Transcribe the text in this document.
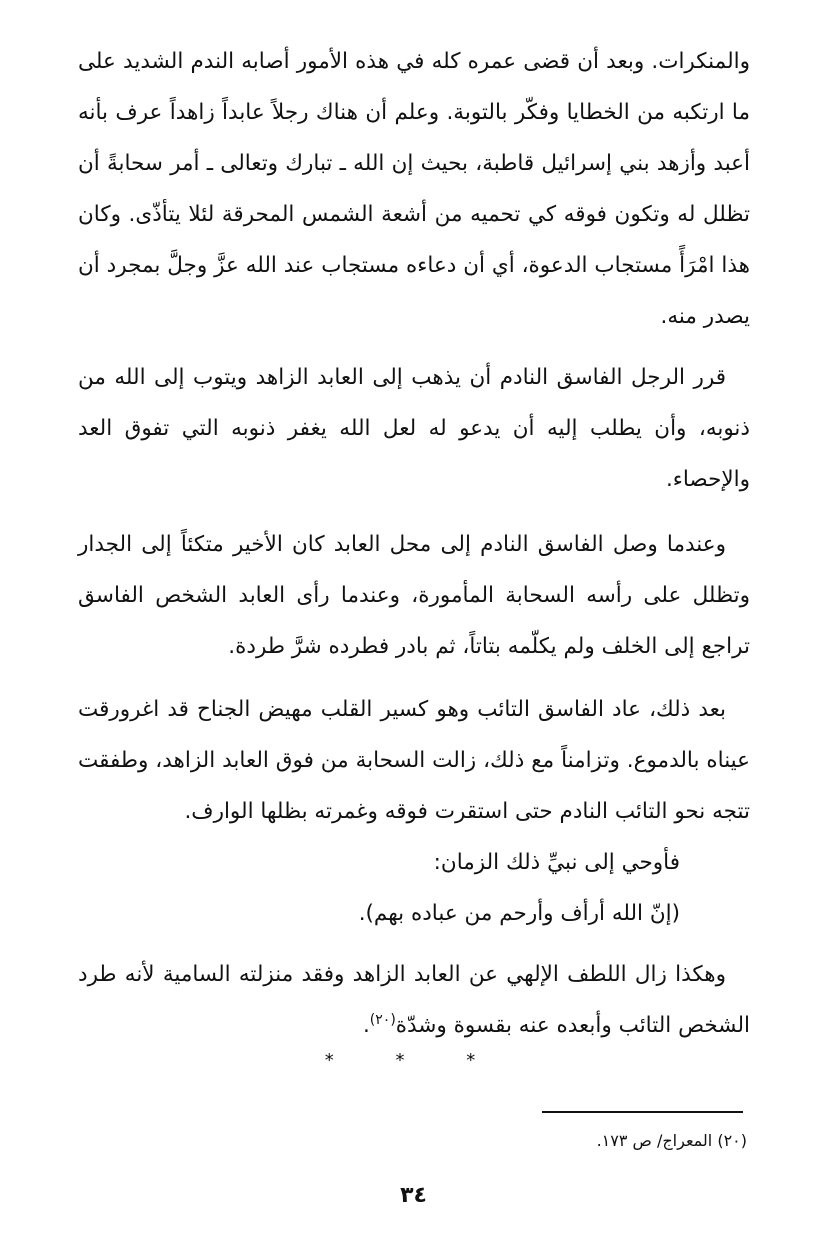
والمنكرات. وبعد أن قضى عمره كله في هذه الأمور أصابه الندم الشديد على ما ارتكبه من الخطايا وفكّر بالتوبة. وعلم أن هناك رجلاً عابداً زاهداً عرف بأنه أعبد وأزهد بني إسرائيل قاطبة، بحيث إن الله ـ تبارك وتعالى ـ أمر سحابةً أن تظلل له وتكون فوقه كي تحميه من أشعة الشمس المحرقة لئلا يتأذّى. وكان هذا امْرَأً مستجاب الدعوة، أي أن دعاءه مستجاب عند الله عزَّ وجلَّ بمجرد أن يصدر منه.

قرر الرجل الفاسق النادم أن يذهب إلى العابد الزاهد ويتوب إلى الله من ذنوبه، وأن يطلب إليه أن يدعو له لعل الله يغفر ذنوبه التي تفوق العد والإحصاء.

وعندما وصل الفاسق النادم إلى محل العابد كان الأخير متكئاً إلى الجدار وتظلل على رأسه السحابة المأمورة، وعندما رأى العابد الشخص الفاسق تراجع إلى الخلف ولم يكلّمه بتاتاً، ثم بادر فطرده شرَّ طردة.

بعد ذلك، عاد الفاسق التائب وهو كسير القلب مهيض الجناح قد اغرورقت عيناه بالدموع. وتزامناً مع ذلك، زالت السحابة من فوق العابد الزاهد، وطفقت تتجه نحو التائب النادم حتى استقرت فوقه وغمرته بظلها الوارف.

فأوحي إلى نبيِّ ذلك الزمان:

(إنّ الله أرأف وأرحم من عباده بهم).

وهكذا زال اللطف الإلهي عن العابد الزاهد وفقد منزلته السامية لأنه طرد الشخص التائب وأبعده عنه بقسوة وشدّة$^{(٢٠)}$.

* * *
(٢٠) المعراج/ ص ١٧٣.
٣٤
